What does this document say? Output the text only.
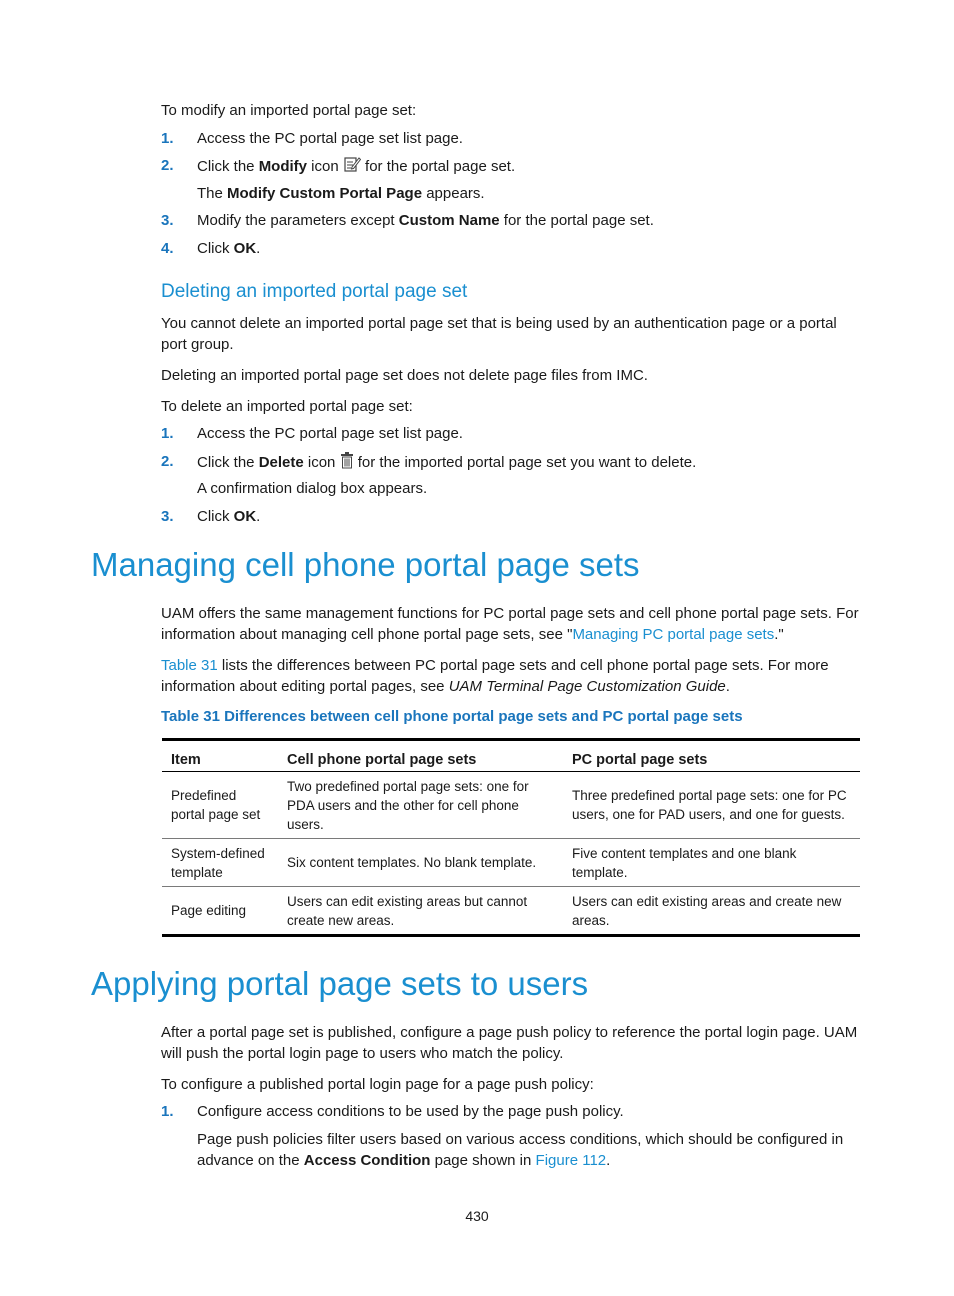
To modify an imported portal page set:
1. Access the PC portal page set list page.
2. Click the Modify icon
for the portal page set.
The Modify Custom Portal Page appears.
3. Modify the parameters except Custom Name for the portal page set.
4. Click OK.
Deleting an imported portal page set
You cannot delete an imported portal page set that is being used by an authentication page or a portal port group.
Deleting an imported portal page set does not delete page files from IMC.
To delete an imported portal page set:
1. Access the PC portal page set list page.
2. Click the Delete icon
for the imported portal page set you want to delete.
A confirmation dialog box appears.
3. Click OK.
Managing cell phone portal page sets
UAM offers the same management functions for PC portal page sets and cell phone portal page sets. For information about managing cell phone portal page sets, see "Managing PC portal page sets."
Table 31 lists the differences between PC portal page sets and cell phone portal page sets. For more information about editing portal pages, see UAM Terminal Page Customization Guide.
Table 31 Differences between cell phone portal page sets and PC portal page sets
Item	Cell phone portal page sets	PC portal page sets
Predefined portal page set	Two predefined portal page sets: one for PDA users and the other for cell phone users.	Three predefined portal page sets: one for PC users, one for PAD users, and one for guests.
System-defined template	Six content templates. No blank template.	Five content templates and one blank template.
Page editing	Users can edit existing areas but cannot create new areas.	Users can edit existing areas and create new areas.
Applying portal page sets to users
After a portal page set is published, configure a page push policy to reference the portal login page. UAM will push the portal login page to users who match the policy.
To configure a published portal login page for a page push policy:
1. Configure access conditions to be used by the page push policy.
Page push policies filter users based on various access conditions, which should be configured in advance on the Access Condition page shown in Figure 112.
430
